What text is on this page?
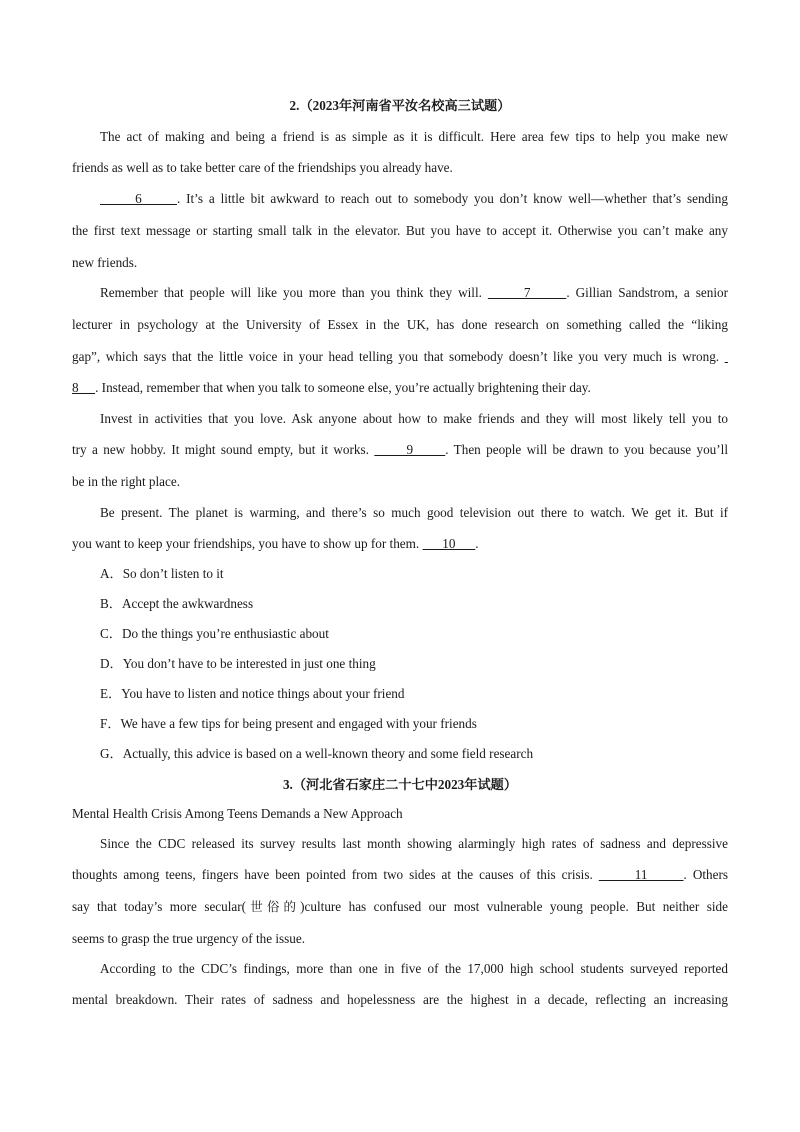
2.（2023年河南省平汝名校高三试题）
The act of making and being a friend is as simple as it is difficult. Here area few tips to help you make new
friends as well as to take better care of the friendships you already have.
6      . It’s a little bit awkward to reach out to somebody you don’t know well—whether that’s sending
the first text message or starting small talk in the elevator. But you have to accept it. Otherwise you can’t make any
new friends.
Remember that people will like you more than you think they will.       7      . Gillian Sandstrom, a senior
lecturer in psychology at the University of Essex in the UK, has done research on something called the “liking
gap”, which says that the little voice in your head telling you that somebody doesn’t like you very much is wrong.
8     . Instead, remember that when you talk to someone else, you’re actually brightening their day.
Invest in activities that you love. Ask anyone about how to make friends and they will most likely tell you to
try a new hobby. It might sound empty, but it works.       9      . Then people will be drawn to you because you’ll
be in the right place.
Be present. The planet is warming, and there’s so much good television out there to watch. We get it. But if
you want to keep your friendships, you have to show up for them.       10      .
A．So don’t listen to it
B．Accept the awkwardness
C．Do the things you’re enthusiastic about
D．You don’t have to be interested in just one thing
E．You have to listen and notice things about your friend
F．We have a few tips for being present and engaged with your friends
G．Actually, this advice is based on a well-known theory and some field research
3.（河北省石家庄二十七中2023年试题）
Mental Health Crisis Among Teens Demands a New Approach
Since the CDC released its survey results last month showing alarmingly high rates of sadness and depressive
thoughts among teens, fingers have been pointed from two sides at the causes of this crisis.       11      . Others
say that today’s more secular(世俗的)culture has confused our most vulnerable young people. But neither side
seems to grasp the true urgency of the issue.
According to the CDC’s findings, more than one in five of the 17,000 high school students surveyed reported
mental breakdown. Their rates of sadness and hopelessness are the highest in a decade, reflecting an increasing
